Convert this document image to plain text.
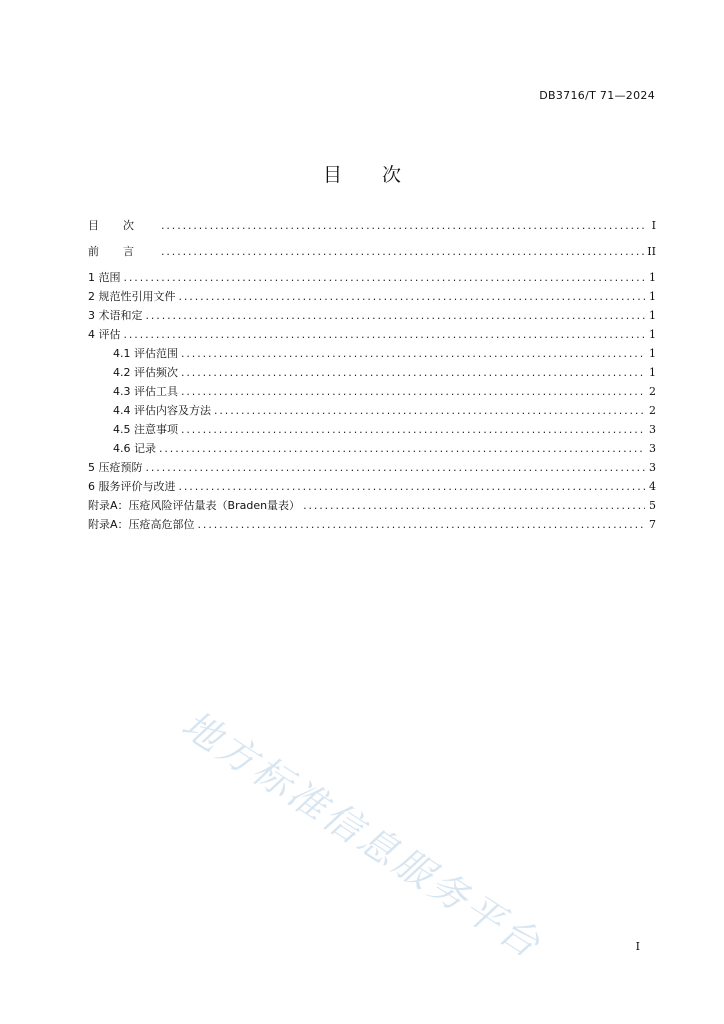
DB3716/T 71—2024
目 次
目次 .....	I
前言 .....	II
1 范围 .....	1
2 规范性引用文件 .....	1
3 术语和定 .....	1
4 评估 .....	1
4.1 评估范围 .....	1
4.2 评估频次 .....	1
4.3 评估工具 .....	2
4.4 评估内容及方法 .....	2
4.5 注意事项 .....	3
4.6 记录 .....	3
5 压疮预防 .....	3
6 服务评价与改进 .....	4
附录A：压疮风险评估量表（Braden量表） .....	5
附录A：压疮高危部位 .....	7
地方标准信息服务平台	I
